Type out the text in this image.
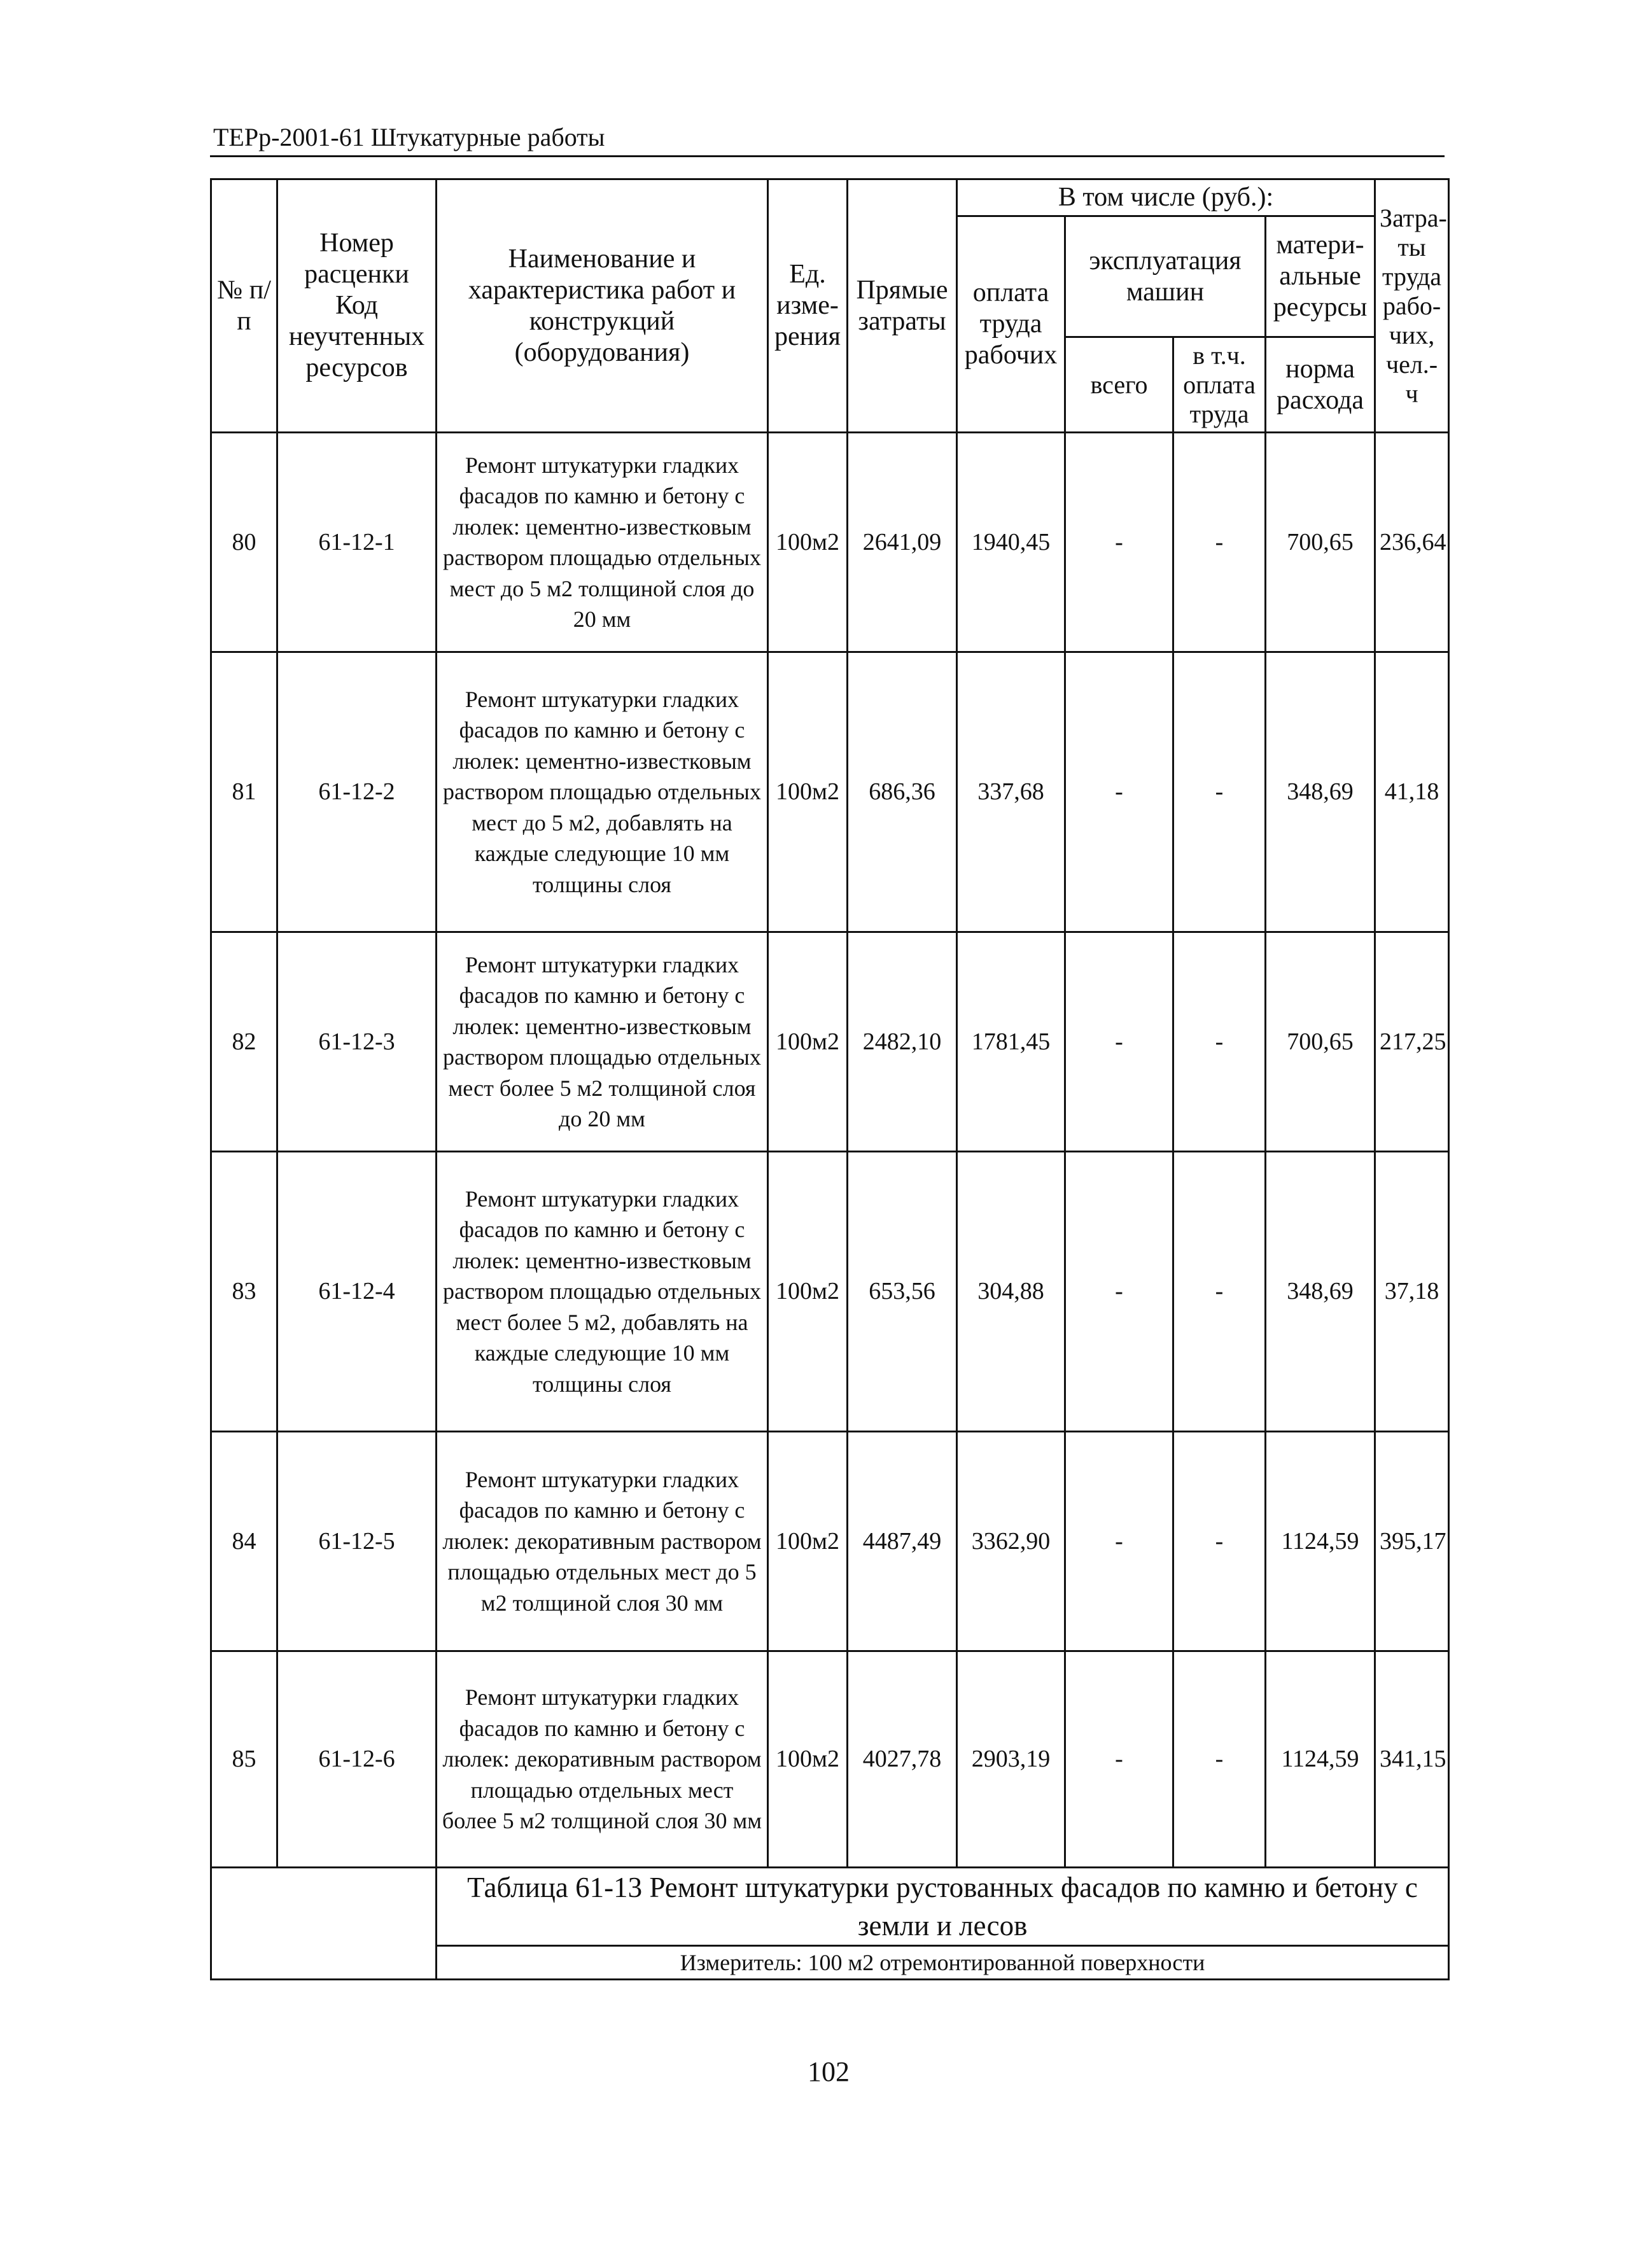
ТЕРр-2001-61 Штукатурные работы
№ п/п	Номер расценки Код неучтенных ресурсов	Наименование и характеристика работ и конструкций (оборудования)	Ед. изме-рения	Прямые затраты	В том числе (руб.):				Затра-ты труда рабо-чих,
чел.-ч

					оплата труда рабочих	эксплуатация машин		матери-альные ресурсы	
						всего	в т.ч. оплата труда	норма расхода	

80	61-12-1	Ремонт штукатурки гладких фасадов по камню и бетону с люлек: цементно-известковым раствором площадью отдельных мест до 5 м2 толщиной слоя до 20 мм	100м2	2641,09	1940,45	-	-	700,65	236,64
81	61-12-2	Ремонт штукатурки гладких фасадов по камню и бетону с люлек: цементно-известковым раствором площадью отдельных мест до 5 м2, добавлять на каждые следующие 10 мм толщины слоя	100м2	686,36	337,68	-	-	348,69	41,18
82	61-12-3	Ремонт штукатурки гладких фасадов по камню и бетону с люлек: цементно-известковым раствором площадью отдельных мест более 5 м2 толщиной слоя до 20 мм	100м2	2482,10	1781,45	-	-	700,65	217,25
83	61-12-4	Ремонт штукатурки гладких фасадов по камню и бетону с люлек: цементно-известковым раствором площадью отдельных мест более 5 м2, добавлять на каждые следующие 10 мм толщины слоя	100м2	653,56	304,88	-	-	348,69	37,18
84	61-12-5	Ремонт штукатурки гладких фасадов по камню и бетону с люлек: декоративным раствором площадью отдельных мест до 5 м2 толщиной слоя 30 мм	100м2	4487,49	3362,90	-	-	1124,59	395,17
85	61-12-6	Ремонт штукатурки гладких фасадов по камню и бетону с люлек: декоративным раствором площадью отдельных мест более 5 м2 толщиной слоя 30 мм	100м2	4027,78	2903,19	-	-	1124,59	341,15
		Таблица 61-13 Ремонт штукатурки рустованных фасадов по камню и бетону с земли и лесов							
		Измеритель: 100 м2 отремонтированной поверхности							
102
